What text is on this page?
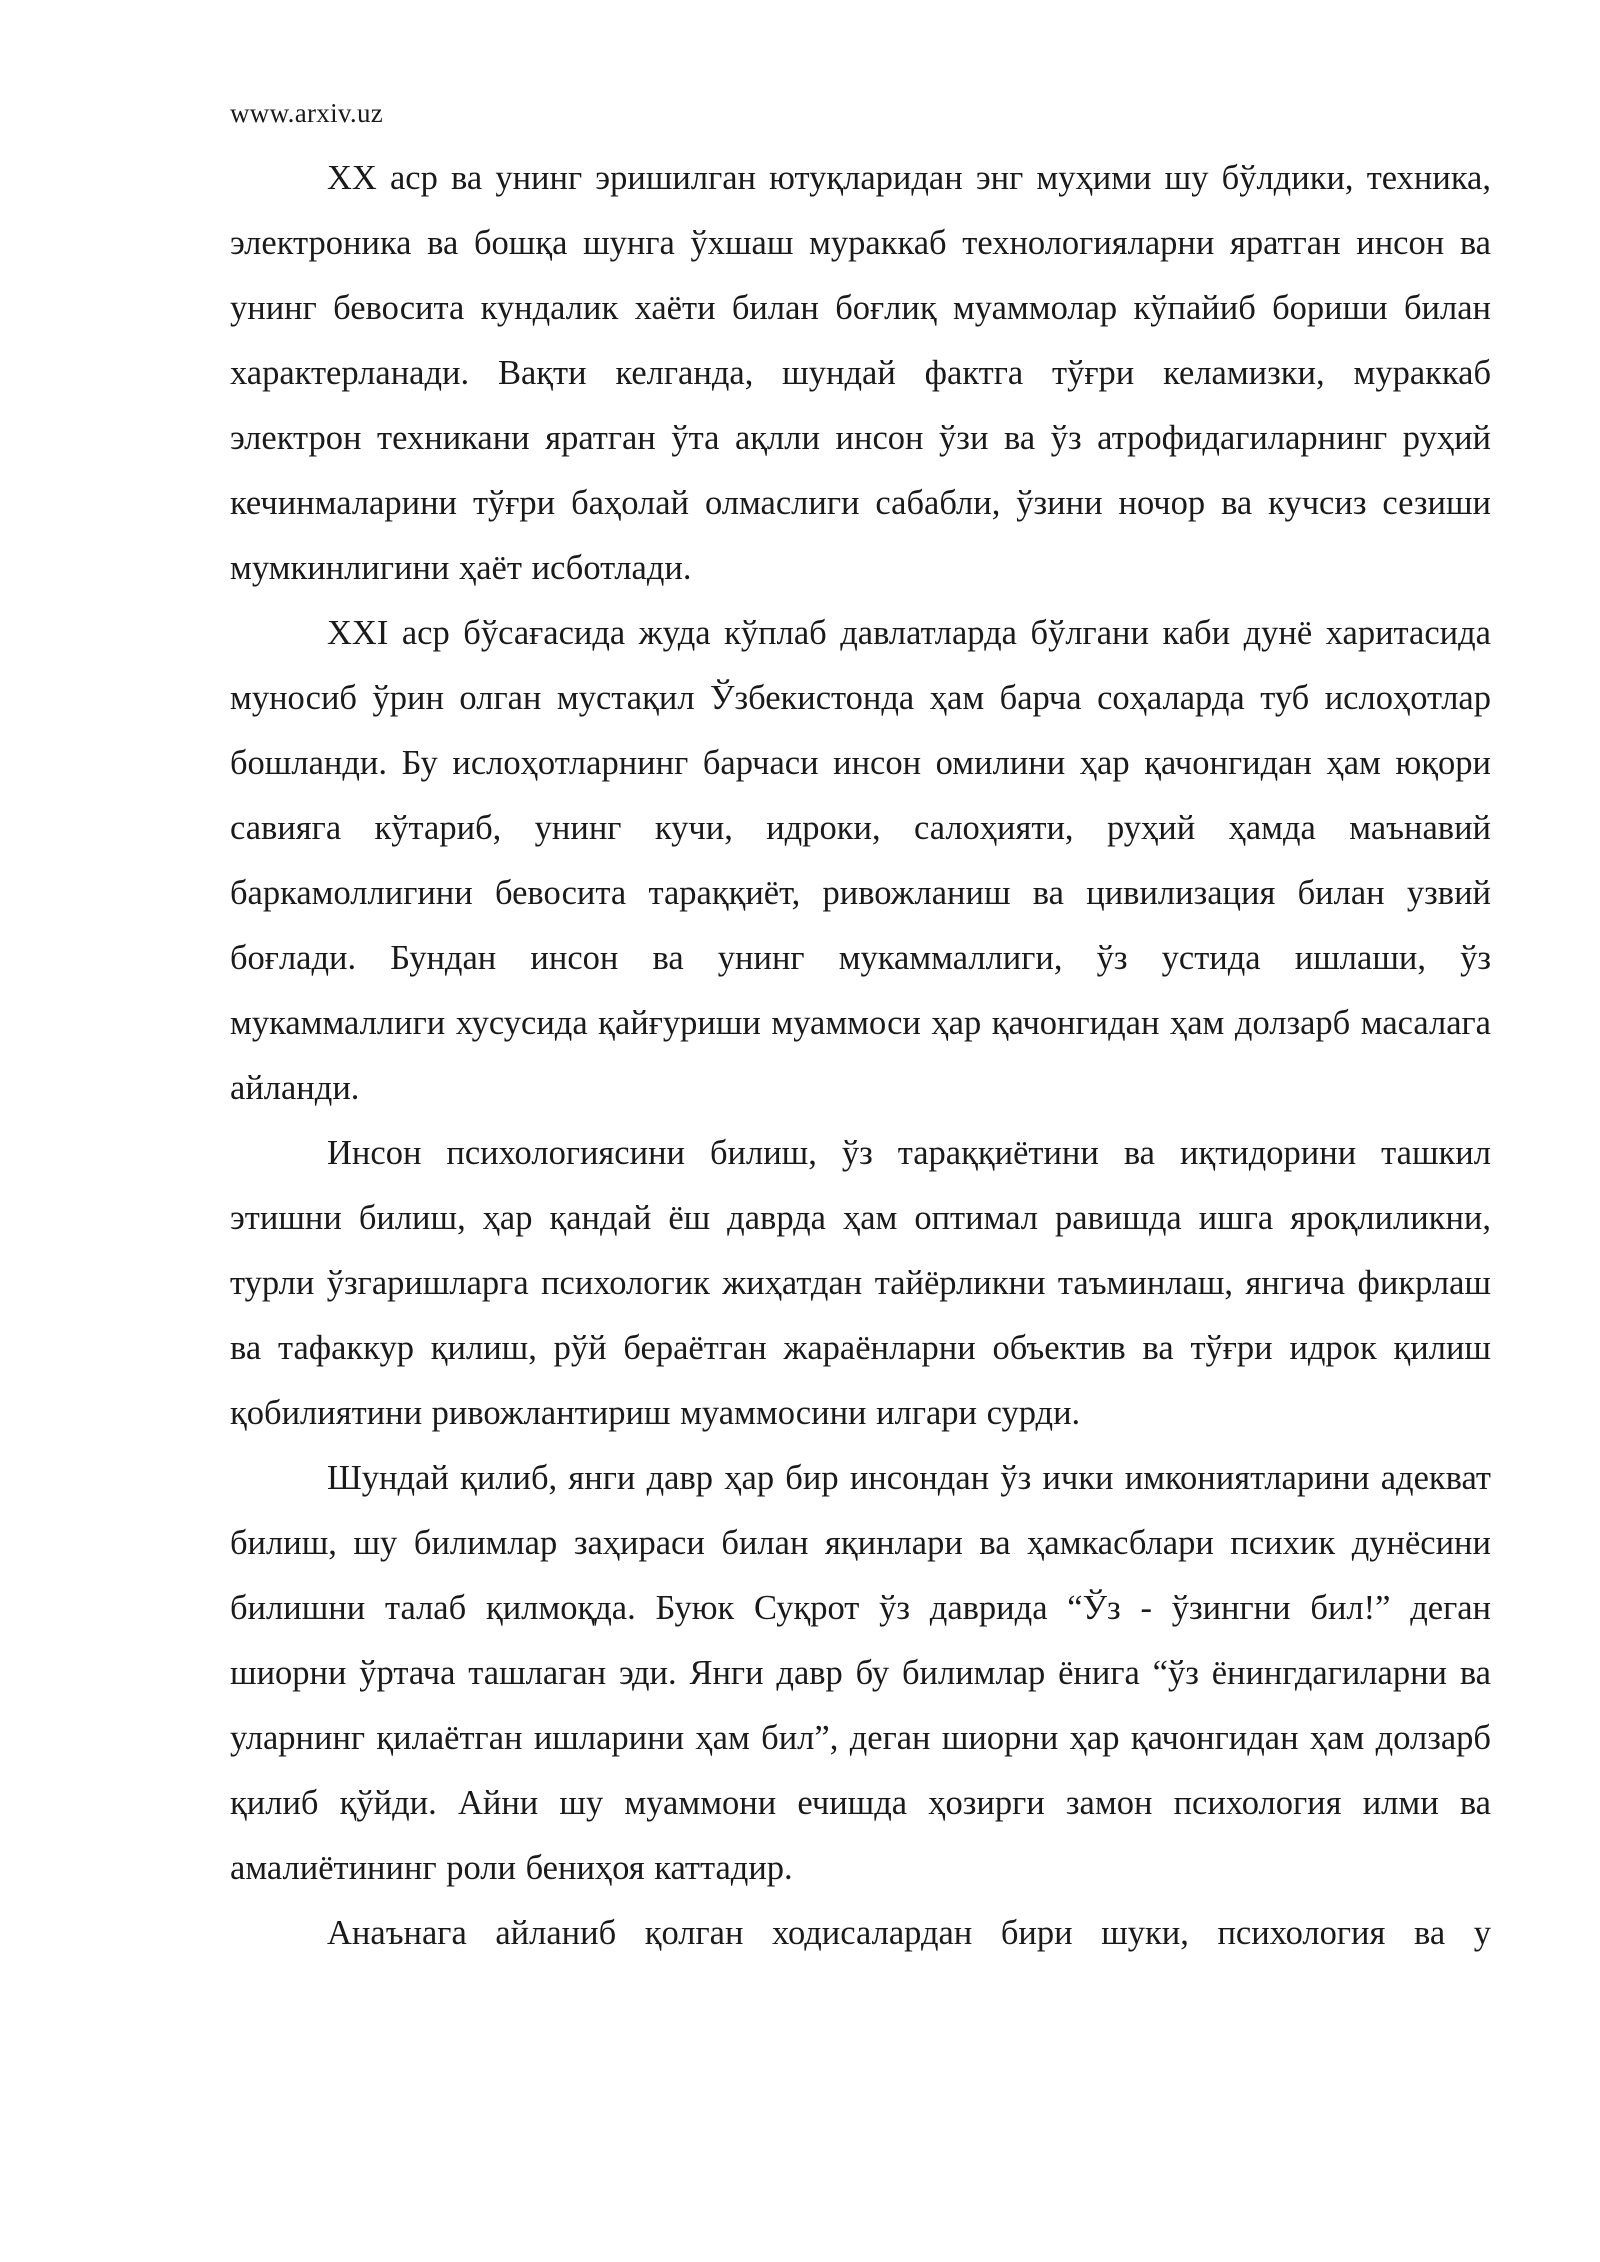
www.arxiv.uz

XX аср ва унинг эришилган ютуқларидан энг муҳими шу бўлдики, техника, электроника ва бошқа шунга ўхшаш мураккаб технологияларни яратган инсон ва унинг бевосита кундалик хаёти билан боғлиқ муаммолар кўпайиб бориши билан характерланади. Вақти келганда, шундай фактга тўғри келамизки, мураккаб электрон техникани яратган ўта ақлли инсон ўзи ва ўз атрофидагиларнинг руҳий кечинмаларини тўғри баҳолай олмаслиги сабабли, ўзини ночор ва кучсиз сезиши мумкинлигини ҳаёт исботлади.

XXI аср бўсағасида жуда кўплаб давлатларда бўлгани каби дунё харитасида муносиб ўрин олган мустақил Ўзбекистонда ҳам барча соҳаларда туб ислоҳотлар бошланди. Бу ислоҳотларнинг барчаси инсон омилини ҳар қачонгидан ҳам юқори савияга кўтариб, унинг кучи, идроки, салоҳияти, руҳий ҳамда маънавий баркамоллигини бевосита тараққиёт, ривожланиш ва цивилизация билан узвий боғлади. Бундан инсон ва унинг мукаммаллиги, ўз устида ишлаши, ўз мукаммаллиги хусусида қайғуриши муаммоси ҳар қачонгидан ҳам долзарб масалага айланди.

Инсон психологиясини билиш, ўз тараққиётини ва иқтидорини ташкил этишни билиш, ҳар қандай ёш даврда ҳам оптимал равишда ишга яроқлиликни, турли ўзгаришларга психологик жиҳатдан тайёрликни таъминлаш, янгича фикрлаш ва тафаккур қилиш, рўй бераётган жараёнларни объектив ва тўғри идрок қилиш қобилиятини ривожлантириш муаммосини илгари сурди.

Шундай қилиб, янги давр ҳар бир инсондан ўз ички имкониятларини адекват билиш, шу билимлар заҳираси билан яқинлари ва ҳамкасблари психик дунёсини билишни талаб қилмоқда. Буюк Суқрот ўз даврида “Ўз - ўзингни бил!” деган шиорни ўртача ташлаган эди. Янги давр бу билимлар ёнига “ўз ёнингдагиларни ва уларнинг қилаётган ишларини ҳам бил”, деган шиорни ҳар қачонгидан ҳам долзарб қилиб қўйди. Айни шу муаммони ечишда ҳозирги замон психология илми ва амалиётининг роли бениҳоя каттадир.

Анаънага айланиб қолган ходисалардан бири шуки, психология ва у
